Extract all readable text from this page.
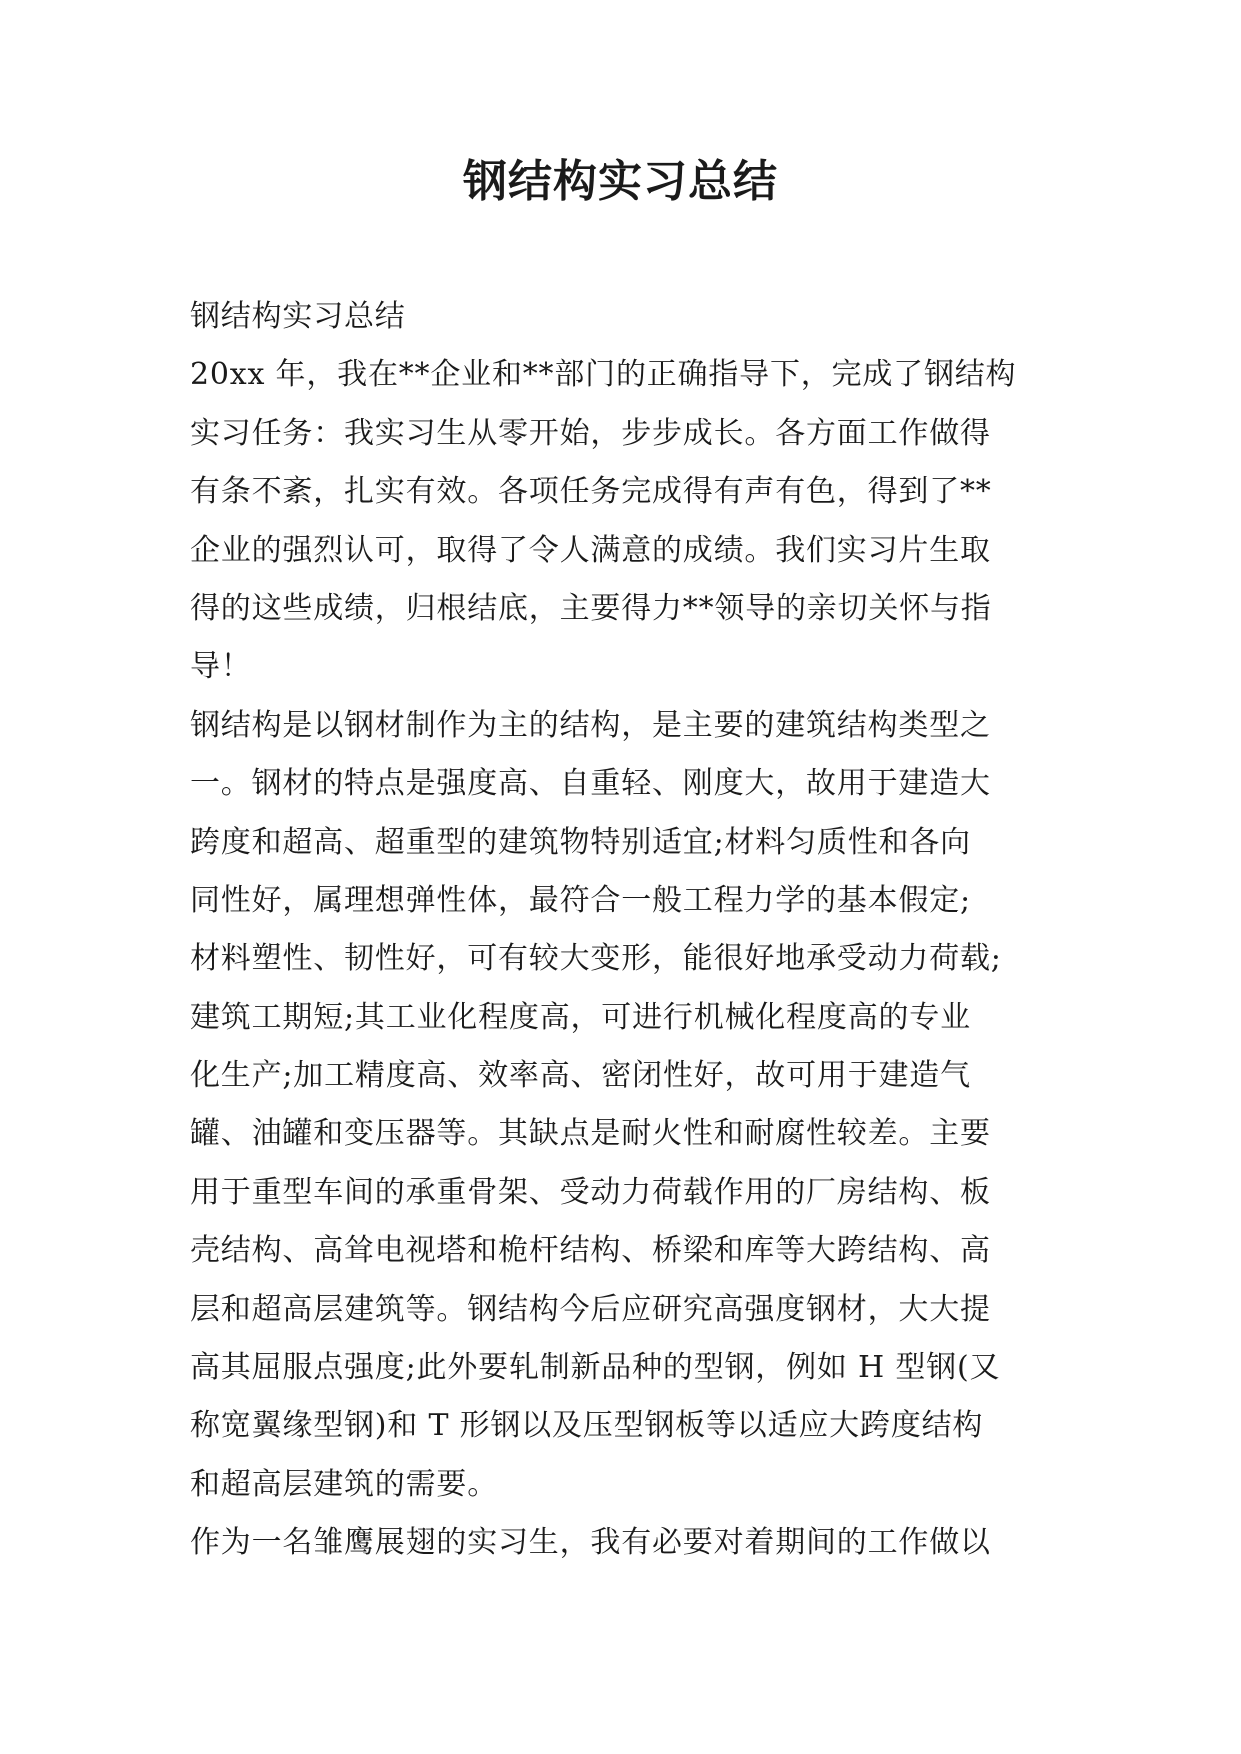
钢结构实习总结
钢结构实习总结
20xx 年，我在**企业和**部门的正确指导下，完成了钢结构
实习任务：我实习生从零开始，步步成长。各方面工作做得
有条不紊，扎实有效。各项任务完成得有声有色，得到了**
企业的强烈认可，取得了令人满意的成绩。我们实习片生取
得的这些成绩，归根结底，主要得力**领导的亲切关怀与指
导！
钢结构是以钢材制作为主的结构，是主要的建筑结构类型之
一。钢材的特点是强度高、自重轻、刚度大，故用于建造大
跨度和超高、超重型的建筑物特别适宜;材料匀质性和各向
同性好，属理想弹性体，最符合一般工程力学的基本假定;
材料塑性、韧性好，可有较大变形，能很好地承受动力荷载;
建筑工期短;其工业化程度高，可进行机械化程度高的专业
化生产;加工精度高、效率高、密闭性好，故可用于建造气
罐、油罐和变压器等。其缺点是耐火性和耐腐性较差。主要
用于重型车间的承重骨架、受动力荷载作用的厂房结构、板
壳结构、高耸电视塔和桅杆结构、桥梁和库等大跨结构、高
层和超高层建筑等。钢结构今后应研究高强度钢材，大大提
高其屈服点强度;此外要轧制新品种的型钢，例如 H 型钢(又
称宽翼缘型钢)和 T 形钢以及压型钢板等以适应大跨度结构
和超高层建筑的需要。
作为一名雏鹰展翅的实习生，我有必要对着期间的工作做以
